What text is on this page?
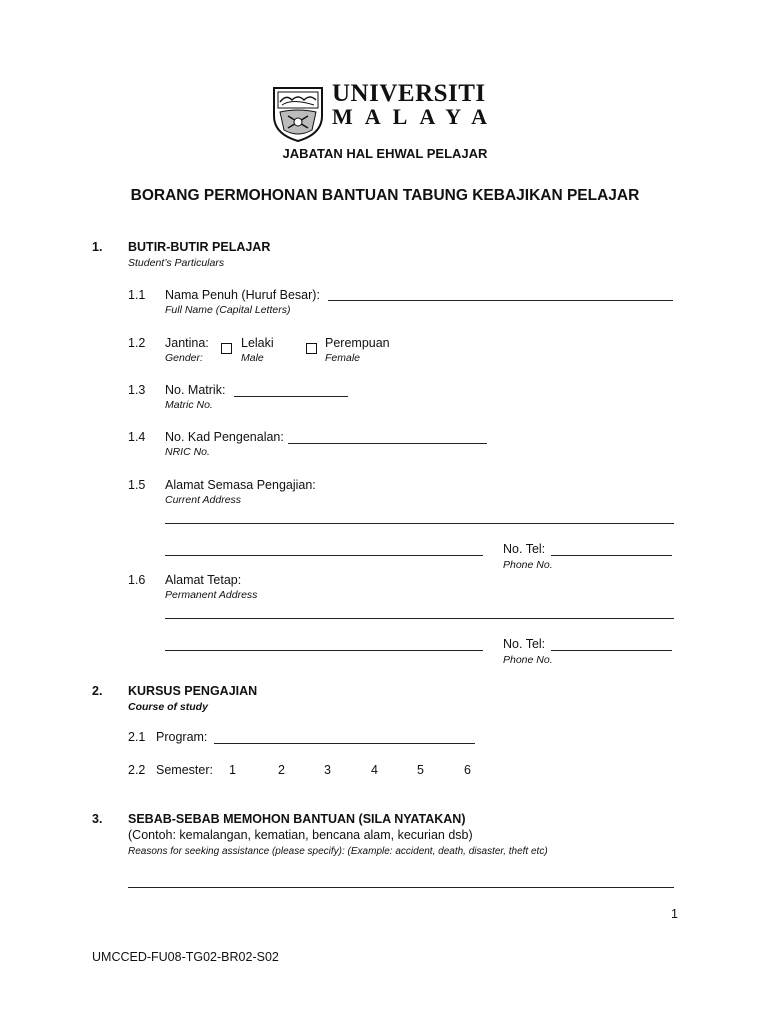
UNIVERSITI
MALAYA
JABATAN HAL EHWAL PELAJAR
BORANG PERMOHONAN BANTUAN TABUNG KEBAJIKAN PELAJAR
1. BUTIR-BUTIR PELAJAR
Student’s Particulars
1.1 Nama Penuh (Huruf Besar):
Full Name (Capital Letters)
1.2 Jantina:
Gender:
Lelaki
Male
Perempuan
Female
1.3 No. Matrik:
Matric No.
1.4 No. Kad Pengenalan:
NRIC No.
1.5 Alamat Semasa Pengajian:
Current Address
No. Tel:
Phone No.
1.6 Alamat Tetap:
Permanent Address
No. Tel:
Phone No.
2. KURSUS PENGAJIAN
Course of study
2.1 Program:
2.2 Semester: 1	2	3	4	5	6
3. SEBAB-SEBAB MEMOHON BANTUAN (SILA NYATAKAN)
(Contoh: kemalangan, kematian, bencana alam, kecurian dsb)
Reasons for seeking assistance (please specify): (Example: accident, death, disaster, theft etc)
1
UMCCED-FU08-TG02-BR02-S02
